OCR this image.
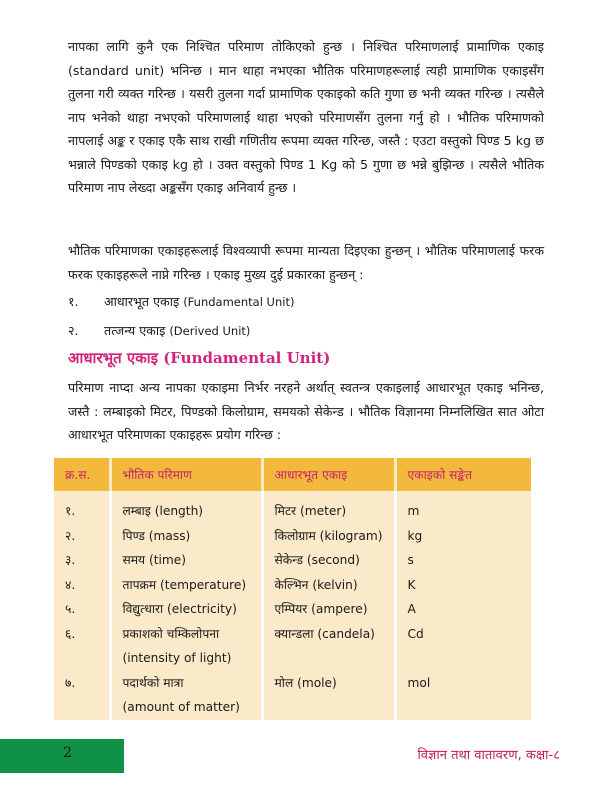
नापका लागि कुनै एक निश्चित परिमाण तोकिएको हुन्छ । निश्चित परिमाणलाई प्रामाणिक एकाइ (standard unit) भनिन्छ । मान थाहा नभएका भौतिक परिमाणहरूलाई त्यही प्रामाणिक एकाइसँग तुलना गरी व्यक्त गरिन्छ । यसरी तुलना गर्दा प्रामाणिक एकाइको कति गुणा छ भनी व्यक्त गरिन्छ । त्यसैले नाप भनेको थाहा नभएको परिमाणलाई थाहा भएको परिमाणसँग तुलना गर्नु हो । भौतिक परिमाणको नापलाई अङ्क र एकाइ एकै साथ राखी गणितीय रूपमा व्यक्त गरिन्छ, जस्तै : एउटा वस्तुको पिण्ड 5 kg छ भन्नाले पिण्डको एकाइ kg हो । उक्त वस्तुको पिण्ड 1 Kg को 5 गुणा छ भन्ने बुझिन्छ । त्यसैले भौतिक परिमाण नाप लेख्दा अङ्कसँग एकाइ अनिवार्य हुन्छ ।

भौतिक परिमाणका एकाइहरूलाई विश्वव्यापी रूपमा मान्यता दिइएका हुन्छन् । भौतिक परिमाणलाई फरक फरक एकाइहरूले नाप्ने गरिन्छ । एकाइ मुख्य दुई प्रकारका हुन्छन् :

१. आधारभूत एकाइ (Fundamental Unit)
२. तत्जन्य एकाइ (Derived Unit)
आधारभूत एकाइ (Fundamental Unit)

परिमाण नाप्दा अन्य नापका एकाइमा निर्भर नरहने अर्थात् स्वतन्त्र एकाइलाई आधारभूत एकाइ भनिन्छ, जस्तै : लम्बाइको मिटर, पिण्डको किलोग्राम, समयको सेकेन्ड । भौतिक विज्ञानमा निम्नलिखित सात ओटा आधारभूत परिमाणका एकाइहरू प्रयोग गरिन्छ :

क्र.स.	भौतिक परिमाण	आधारभूत एकाइ	एकाइको सङ्केत
१.	लम्बाइ (length)	मिटर (meter)	m
२.	पिण्ड (mass)	किलोग्राम (kilogram)	kg
३.	समय (time)	सेकेन्ड (second)	s
४.	तापक्रम (temperature)	केल्भिन (kelvin)	K
५.	विद्युत्धारा (electricity)	एम्पियर (ampere)	A
६.	प्रकाशको चम्किलोपना
(intensity of light)	क्यान्डला (candela)	Cd
७.	पदार्थको मात्रा
(amount of matter)	मोल (mole)	mol
2	विज्ञान तथा वातावरण, कक्षा-८
